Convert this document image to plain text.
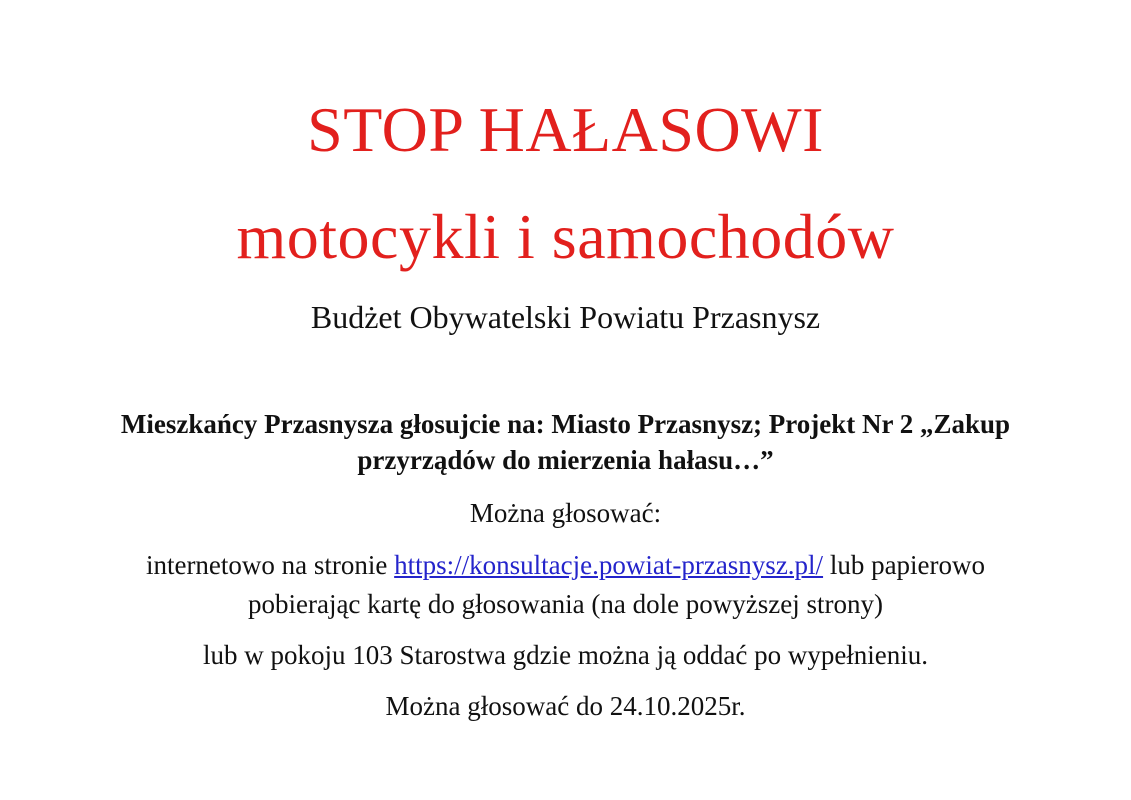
STOP HAŁASOWI
motocykli i samochodów
Budżet Obywatelski Powiatu Przasnysz

Mieszkańcy Przasnysza głosujcie na: Miasto Przasnysz; Projekt Nr 2 „Zakup przyrządów do mierzenia hałasu…”

Można głosować:

internetowo na stronie https://konsultacje.powiat-przasnysz.pl/ lub papierowo pobierając kartę do głosowania (na dole powyższej strony)

lub w pokoju 103 Starostwa gdzie można ją oddać po wypełnieniu.

Można głosować do 24.10.2025r.
